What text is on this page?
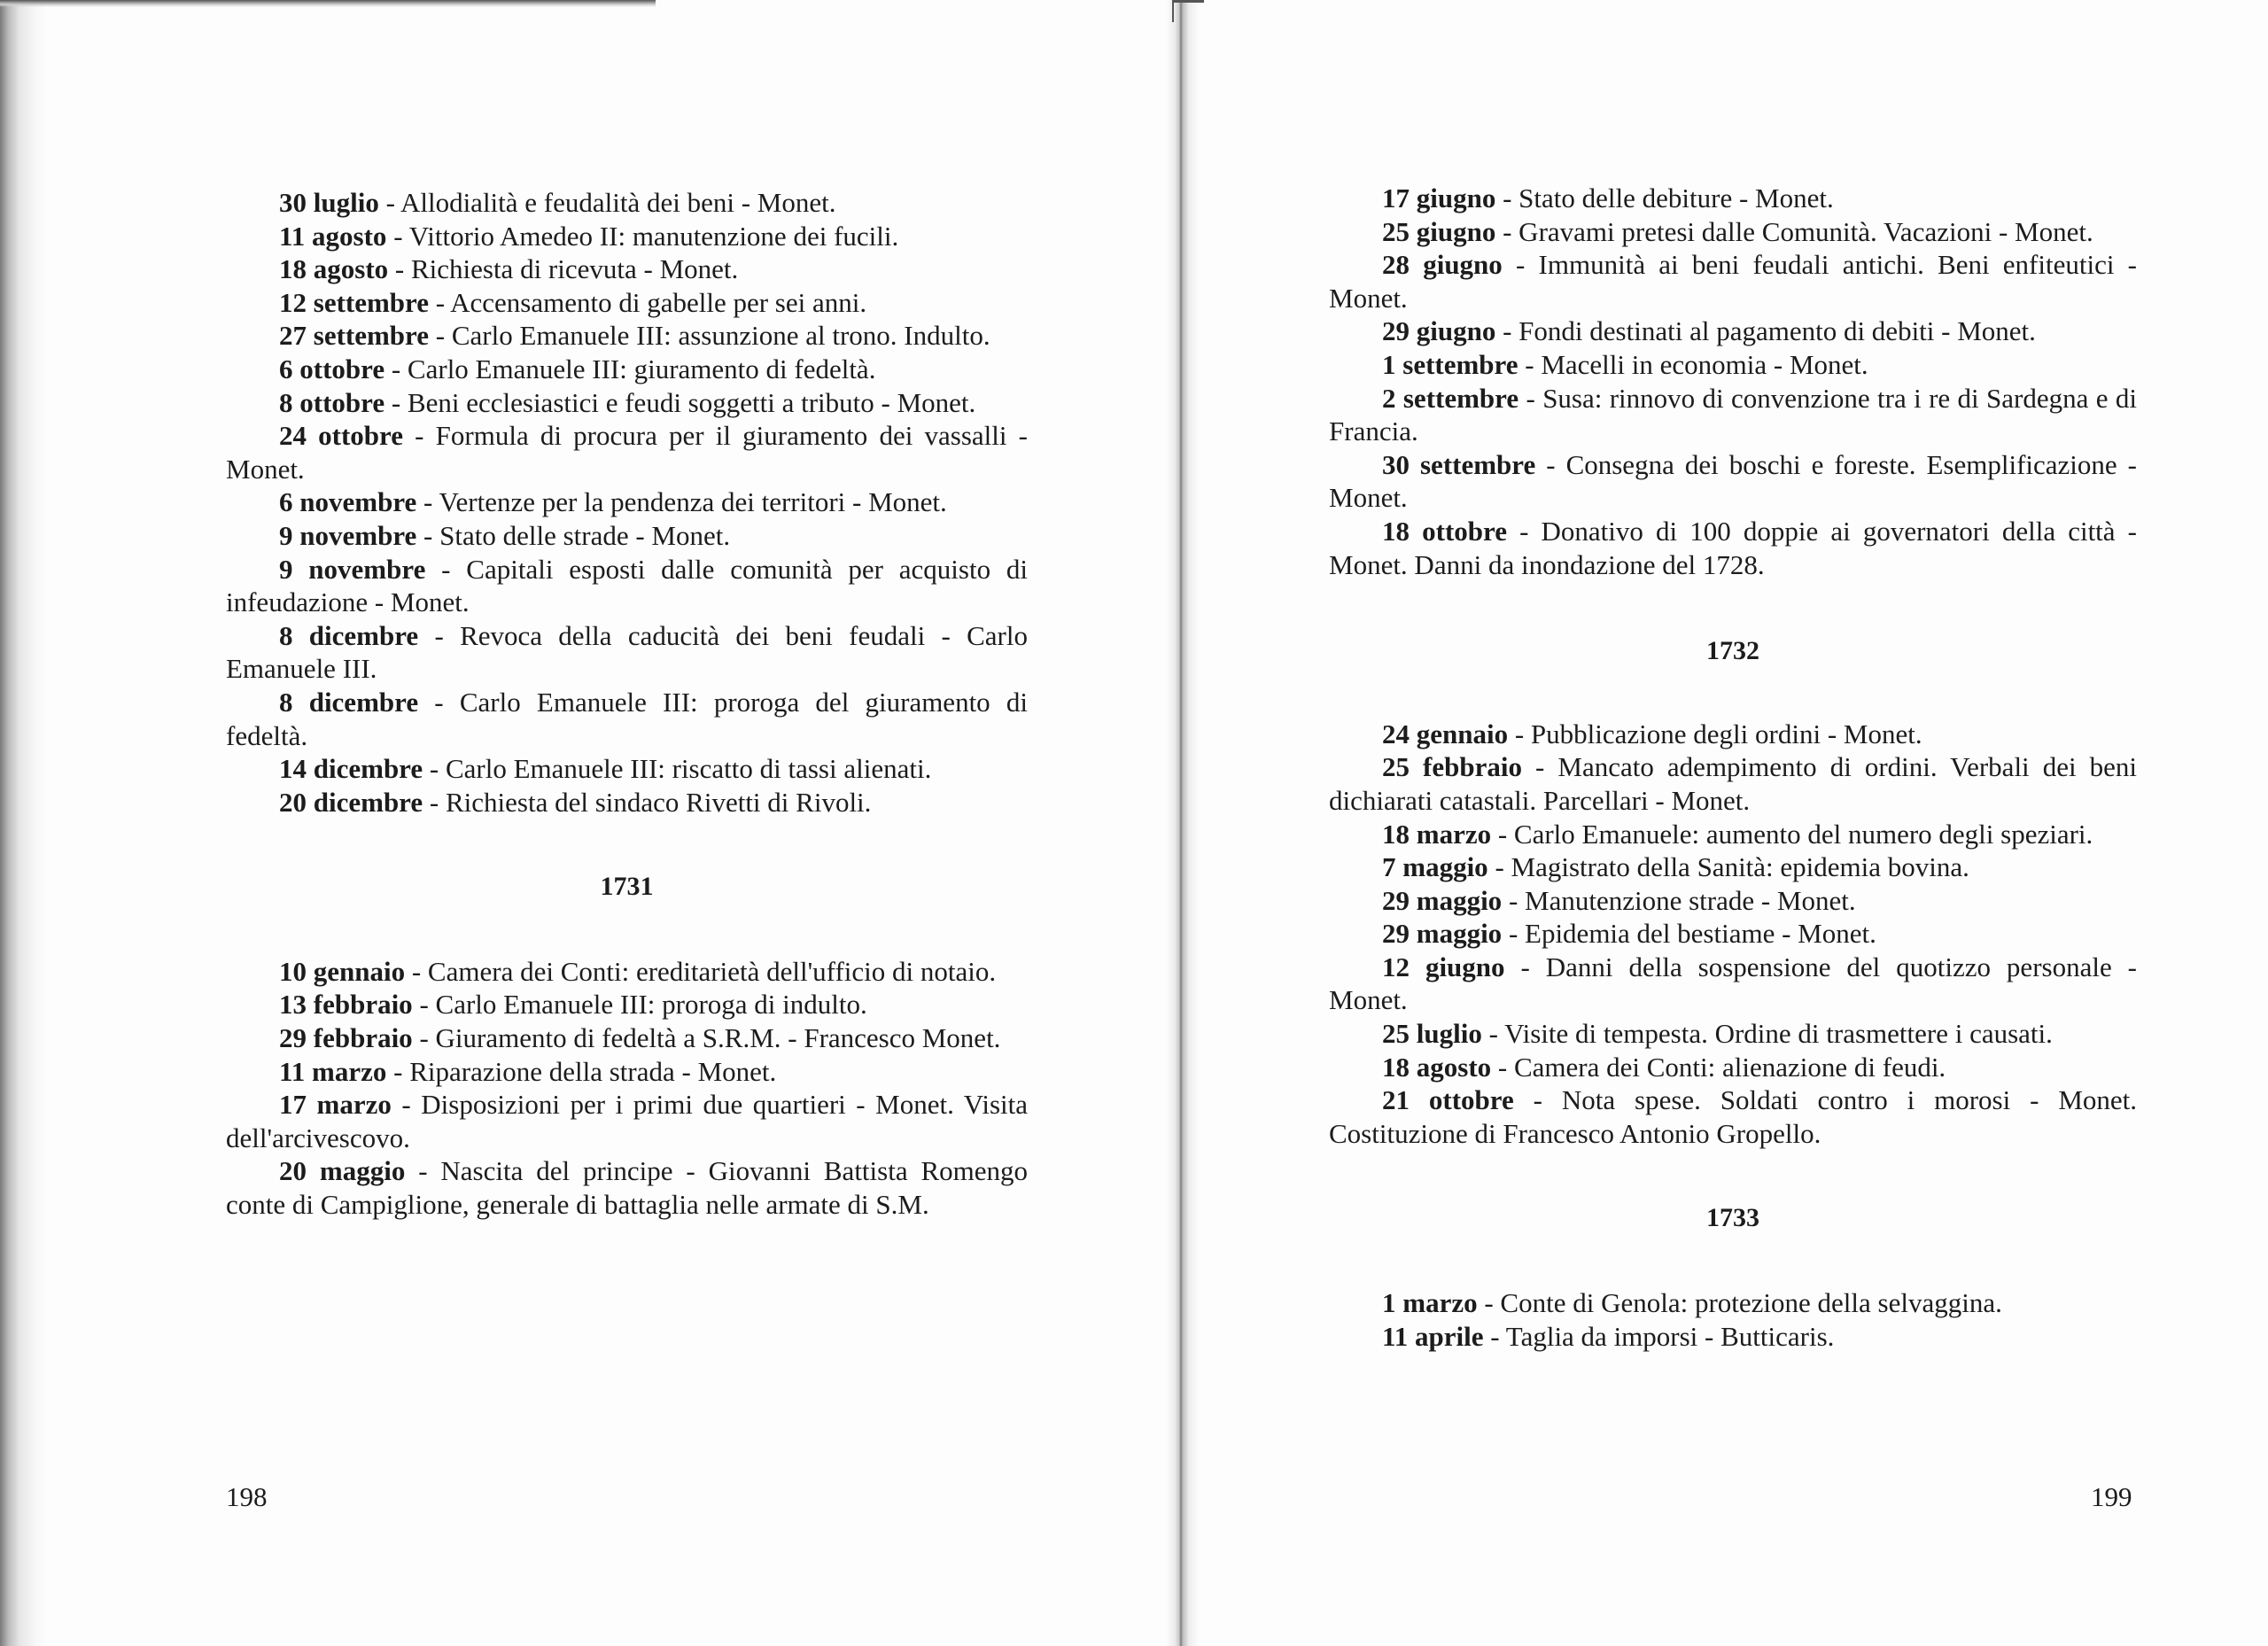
30 luglio - Allodialità e feudalità dei beni - Monet.

11 agosto - Vittorio Amedeo II: manutenzione dei fucili.

18 agosto - Richiesta di ricevuta - Monet.

12 settembre - Accensamento di gabelle per sei anni.

27 settembre - Carlo Emanuele III: assunzione al trono. Indulto.

6 ottobre - Carlo Emanuele III: giuramento di fedeltà.

8 ottobre - Beni ecclesiastici e feudi soggetti a tributo - Monet.

24 ottobre - Formula di procura per il giuramento dei vassalli - Monet.

6 novembre - Vertenze per la pendenza dei territori - Monet.

9 novembre - Stato delle strade - Monet.

9 novembre - Capitali esposti dalle comunità per acquisto di infeudazione - Monet.

8 dicembre - Revoca della caducità dei beni feudali - Carlo Emanuele III.

8 dicembre - Carlo Emanuele III: proroga del giuramento di fedeltà.

14 dicembre - Carlo Emanuele III: riscatto di tassi alienati.

20 dicembre - Richiesta del sindaco Rivetti di Rivoli.

1731

10 gennaio - Camera dei Conti: ereditarietà dell'ufficio di notaio.

13 febbraio - Carlo Emanuele III: proroga di indulto.

29 febbraio - Giuramento di fedeltà a S.R.M. - Francesco Monet.

11 marzo - Riparazione della strada - Monet.

17 marzo - Disposizioni per i primi due quartieri - Monet. Visita dell'arcivescovo.

20 maggio - Nascita del principe - Giovanni Battista Romengo conte di Campiglione, generale di battaglia nelle armate di S.M.

198

17 giugno - Stato delle debiture - Monet.

25 giugno - Gravami pretesi dalle Comunità. Vacazioni - Monet.

28 giugno - Immunità ai beni feudali antichi. Beni enfiteutici - Monet.

29 giugno - Fondi destinati al pagamento di debiti - Monet.

1 settembre - Macelli in economia - Monet.

2 settembre - Susa: rinnovo di convenzione tra i re di Sardegna e di Francia.

30 settembre - Consegna dei boschi e foreste. Esemplificazione - Monet.

18 ottobre - Donativo di 100 doppie ai governatori della città - Monet. Danni da inondazione del 1728.

1732

24 gennaio - Pubblicazione degli ordini - Monet.

25 febbraio - Mancato adempimento di ordini. Verbali dei beni dichiarati catastali. Parcellari - Monet.

18 marzo - Carlo Emanuele: aumento del numero degli speziari.

7 maggio - Magistrato della Sanità: epidemia bovina.

29 maggio - Manutenzione strade - Monet.

29 maggio - Epidemia del bestiame - Monet.

12 giugno - Danni della sospensione del quotizzo personale - Monet.

25 luglio - Visite di tempesta. Ordine di trasmettere i causati.

18 agosto - Camera dei Conti: alienazione di feudi.

21 ottobre - Nota spese. Soldati contro i morosi - Monet. Costituzione di Francesco Antonio Gropello.

1733

1 marzo - Conte di Genola: protezione della selvaggina.

11 aprile - Taglia da imporsi - Butticaris.

199
